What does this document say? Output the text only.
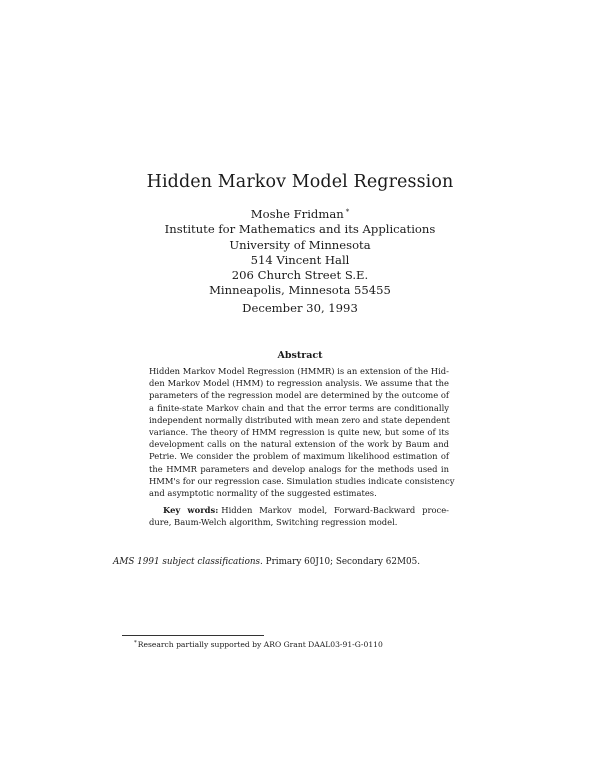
Hidden Markov Model Regression
Moshe Fridman *
Institute for Mathematics and its Applications
University of Minnesota
514 Vincent Hall
206 Church Street S.E.
Minneapolis, Minnesota 55455
December 30, 1993
Abstract
Hidden Markov Model Regression (HMMR) is an extension of the Hid-
den Markov Model (HMM) to regression analysis. We assume that the
parameters of the regression model are determined by the outcome of
a finite-state Markov chain and that the error terms are conditionally
independent normally distributed with mean zero and state dependent
variance. The theory of HMM regression is quite new, but some of its
development calls on the natural extension of the work by Baum and
Petrie. We consider the problem of maximum likelihood estimation of
the HMMR parameters and develop analogs for the methods used in
HMM's for our regression case. Simulation studies indicate consistency
and asymptotic normality of the suggested estimates.
Key words: Hidden Markov model, Forward-Backward proce-
dure, Baum-Welch algorithm, Switching regression model.
AMS 1991 subject classifications. Primary 60J10; Secondary 62M05.
*Research partially supported by ARO Grant DAAL03-91-G-0110
